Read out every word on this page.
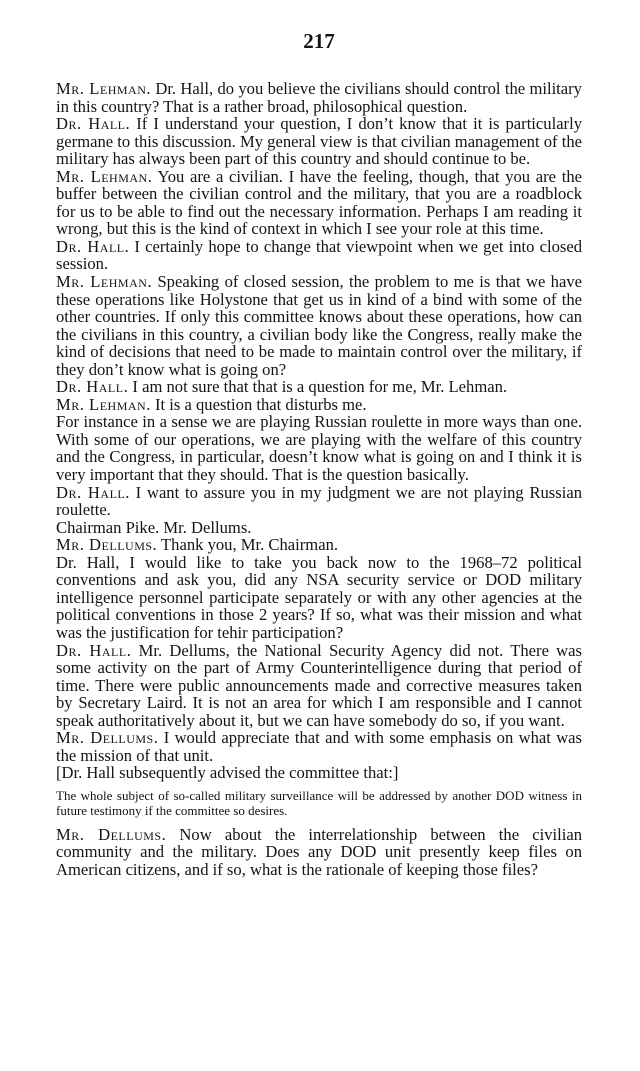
217

Mr. Lehman. Dr. Hall, do you believe the civilians should control the military in this country? That is a rather broad, philosophical question.

Dr. Hall. If I understand your question, I don’t know that it is particularly germane to this discussion. My general view is that civilian management of the military has always been part of this country and should continue to be.

Mr. Lehman. You are a civilian. I have the feeling, though, that you are the buffer between the civilian control and the military, that you are a roadblock for us to be able to find out the necessary information. Perhaps I am reading it wrong, but this is the kind of context in which I see your role at this time.

Dr. Hall. I certainly hope to change that viewpoint when we get into closed session.

Mr. Lehman. Speaking of closed session, the problem to me is that we have these operations like Holystone that get us in kind of a bind with some of the other countries. If only this committee knows about these operations, how can the civilians in this country, a civilian body like the Congress, really make the kind of decisions that need to be made to maintain control over the military, if they don’t know what is going on?

Dr. Hall. I am not sure that that is a question for me, Mr. Lehman.

Mr. Lehman. It is a question that disturbs me.

For instance in a sense we are playing Russian roulette in more ways than one. With some of our operations, we are playing with the welfare of this country and the Congress, in particular, doesn’t know what is going on and I think it is very important that they should. That is the question basically.

Dr. Hall. I want to assure you in my judgment we are not playing Russian roulette.

Chairman Pike. Mr. Dellums.

Mr. Dellums. Thank you, Mr. Chairman.

Dr. Hall, I would like to take you back now to the 1968–72 political conventions and ask you, did any NSA security service or DOD military intelligence personnel participate separately or with any other agencies at the political conventions in those 2 years? If so, what was their mission and what was the justification for tehir participation?

Dr. Hall. Mr. Dellums, the National Security Agency did not. There was some activity on the part of Army Counterintelligence during that period of time. There were public announcements made and corrective measures taken by Secretary Laird. It is not an area for which I am responsible and I cannot speak authoritatively about it, but we can have somebody do so, if you want.

Mr. Dellums. I would appreciate that and with some emphasis on what was the mission of that unit.

[Dr. Hall subsequently advised the committee that:]

The whole subject of so-called military surveillance will be addressed by another DOD witness in future testimony if the committee so desires.

Mr. Dellums. Now about the interrelationship between the civilian community and the military. Does any DOD unit presently keep files on American citizens, and if so, what is the rationale of keeping those files?
